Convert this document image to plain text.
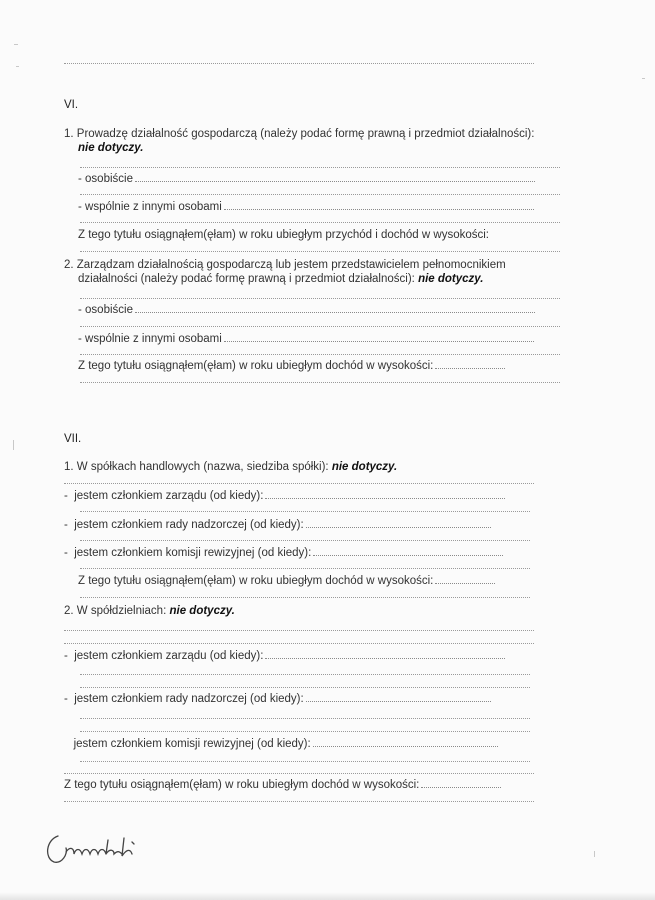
VI.
1. Prowadzę działalność gospodarczą (należy podać formę prawną i przedmiot działalności):
nie dotyczy.
- osobiście
- wspólnie z innymi osobami
Z tego tytułu osiągnąłem(ęłam) w roku ubiegłym przychód i dochód w wysokości:
2. Zarządzam działalnością gospodarczą lub jestem przedstawicielem pełnomocnikiem
działalności (należy podać formę prawną i przedmiot działalności): nie dotyczy.
- osobiście
- wspólnie z innymi osobami
Z tego tytułu osiągnąłem(ęłam) w roku ubiegłym dochód w wysokości:
VII.
1. W spółkach handlowych (nazwa, siedziba spółki): nie dotyczy.
-  jestem członkiem zarządu (od kiedy):
-  jestem członkiem rady nadzorczej (od kiedy):
-  jestem członkiem komisji rewizyjnej (od kiedy):
Z tego tytułu osiągnąłem(ęłam) w roku ubiegłym dochód w wysokości:
2. W spółdzielniach: nie dotyczy.
-  jestem członkiem zarządu (od kiedy):
-  jestem członkiem rady nadzorczej (od kiedy):
jestem członkiem komisji rewizyjnej (od kiedy):
Z tego tytułu osiągnąłem(ęłam) w roku ubiegłym dochód w wysokości:
